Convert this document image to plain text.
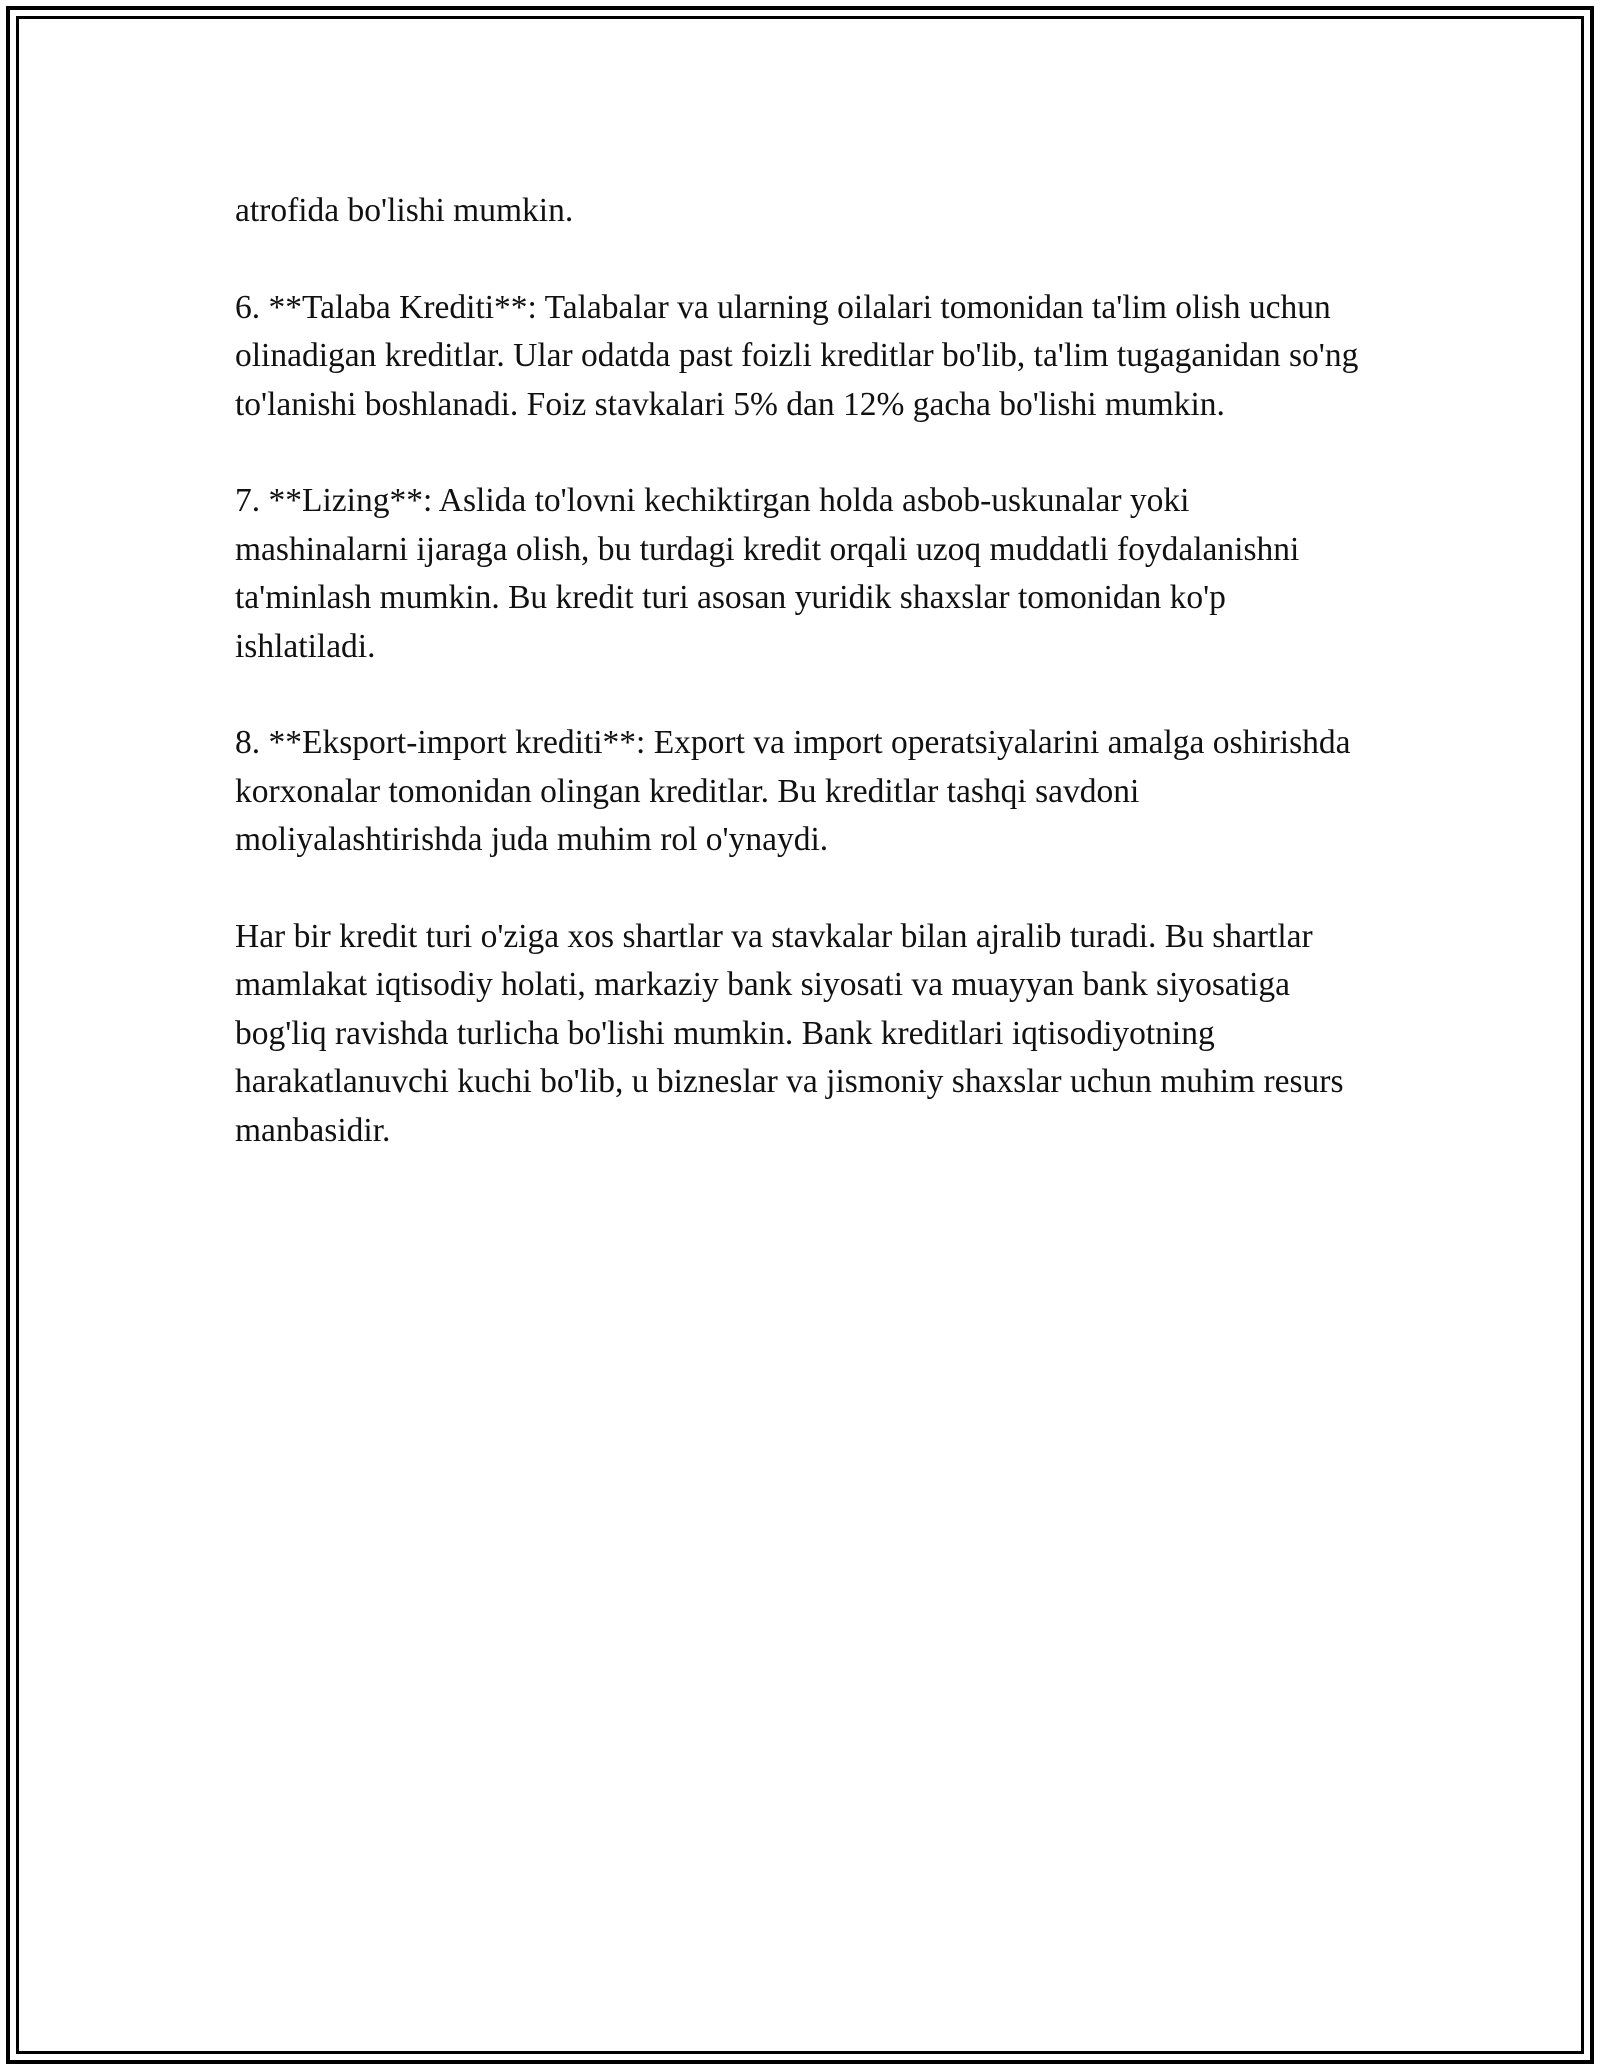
atrofida bo'lishi mumkin.

6. **Talaba Krediti**: Talabalar va ularning oilalari tomonidan ta'lim olish uchun olinadigan kreditlar. Ular odatda past foizli kreditlar bo'lib, ta'lim tugaganidan so'ng to'lanishi boshlanadi. Foiz stavkalari 5% dan 12% gacha bo'lishi mumkin.

7. **Lizing**: Aslida to'lovni kechiktirgan holda asbob-uskunalar yoki mashinalarni ijaraga olish, bu turdagi kredit orqali uzoq muddatli foydalanishni ta'minlash mumkin. Bu kredit turi asosan yuridik shaxslar tomonidan ko'p ishlatiladi.

8. **Eksport-import krediti**: Export va import operatsiyalarini amalga oshirishda korxonalar tomonidan olingan kreditlar. Bu kreditlar tashqi savdoni moliyalashtirishda juda muhim rol o'ynaydi.

Har bir kredit turi o'ziga xos shartlar va stavkalar bilan ajralib turadi. Bu shartlar mamlakat iqtisodiy holati, markaziy bank siyosati va muayyan bank siyosatiga bog'liq ravishda turlicha bo'lishi mumkin. Bank kreditlari iqtisodiyotning harakatlanuvchi kuchi bo'lib, u bizneslar va jismoniy shaxslar uchun muhim resurs manbasidir.
